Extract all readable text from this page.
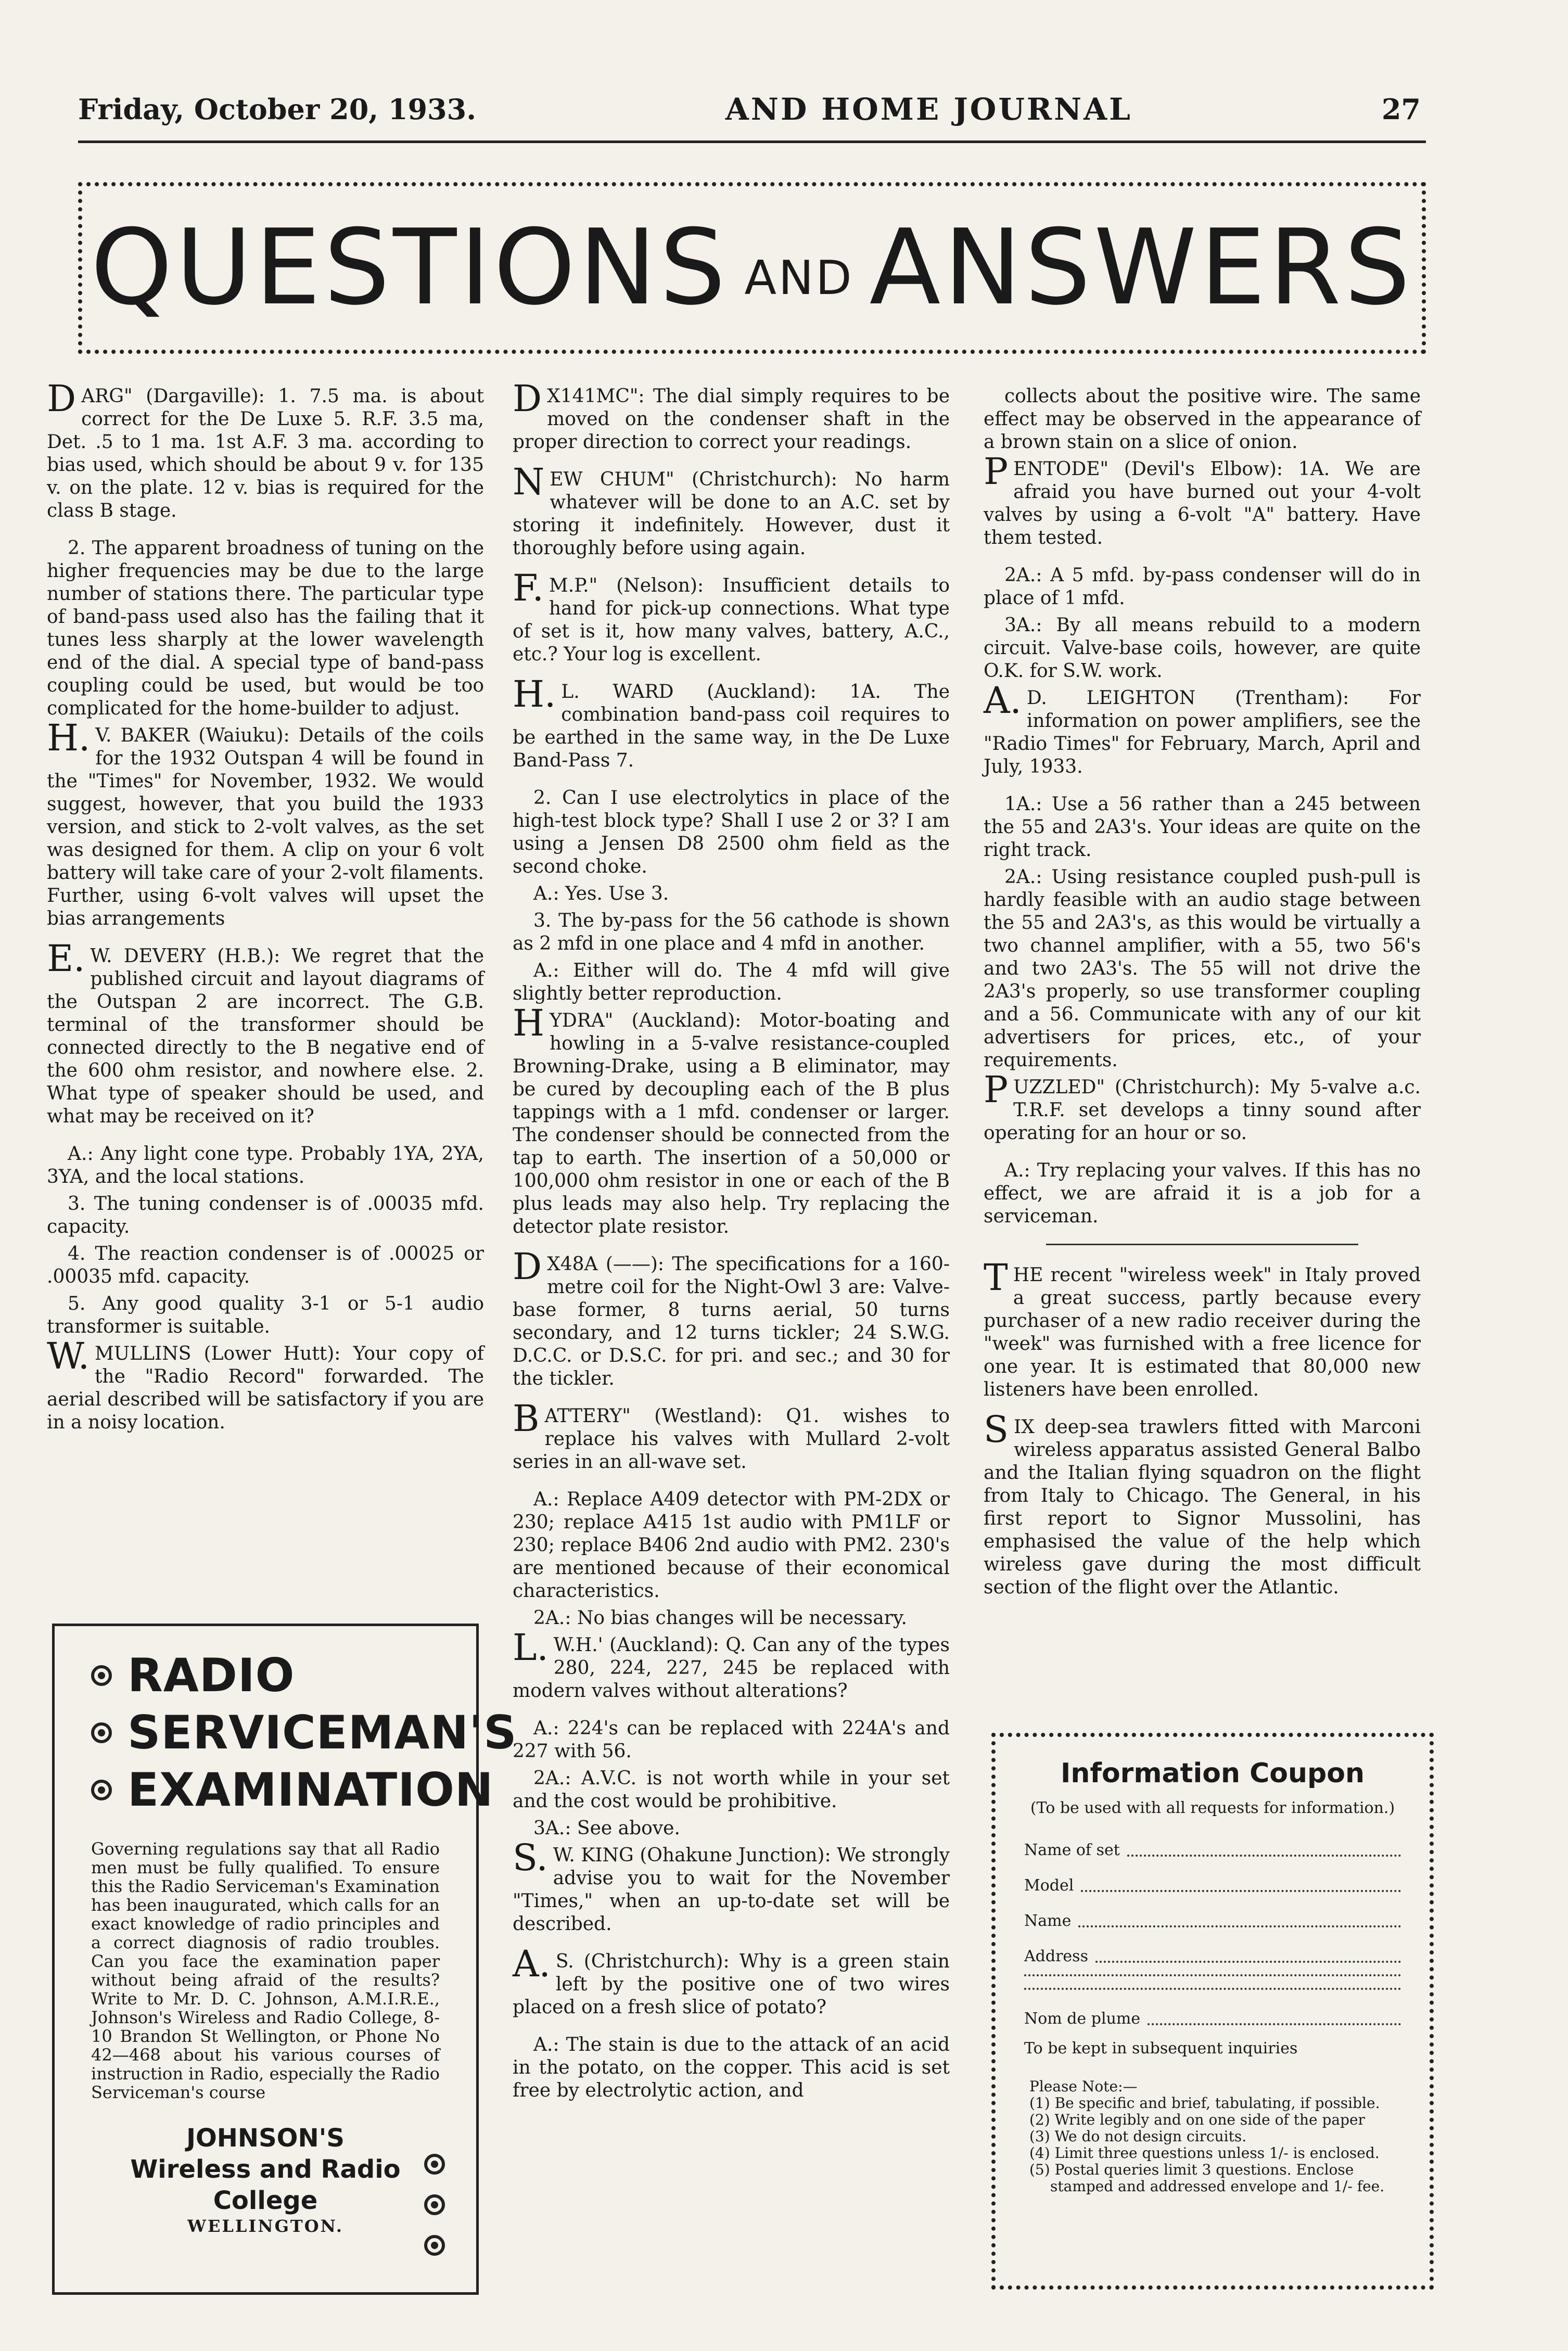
Friday, October 20, 1933.	AND HOME JOURNAL	27
QUESTIONS AND ANSWERS

DARG" (Dargaville): 1. 7.5 ma. is about correct for the De Luxe 5. R.F. 3.5 ma, Det. .5 to 1 ma. 1st A.F. 3 ma. according to bias used, which should be about 9 v. for 135 v. on the plate. 12 v. bias is required for the class B stage.

2. The apparent broadness of tuning on the higher frequencies may be due to the large number of stations there. The particular type of band-pass used also has the failing that it tunes less sharply at the lower wavelength end of the dial. A special type of band-pass coupling could be used, but would be too complicated for the home-builder to adjust.

H. V. BAKER (Waiuku): Details of the coils for the 1932 Outspan 4 will be found in the "Times" for November, 1932. We would suggest, however, that you build the 1933 version, and stick to 2-volt valves, as the set was designed for them. A clip on your 6 volt battery will take care of your 2-volt filaments. Further, using 6-volt valves will upset the bias arrangements

E. W. DEVERY (H.B.): We regret that the published circuit and layout diagrams of the Outspan 2 are incorrect. The G.B. terminal of the transformer should be connected directly to the B negative end of the 600 ohm resistor, and nowhere else. 2. What type of speaker should be used, and what may be received on it?

A.: Any light cone type. Probably 1YA, 2YA, 3YA, and the local stations.

3. The tuning condenser is of .00035 mfd. capacity.

4. The reaction condenser is of .00025 or .00035 mfd. capacity.

5. Any good quality 3-1 or 5-1 audio transformer is suitable.

W. MULLINS (Lower Hutt): Your copy of the "Radio Record" forwarded. The aerial described will be satisfactory if you are in a noisy location.

D X141MC": The dial simply requires to be moved on the condenser shaft in the proper direction to correct your readings.

NEW CHUM" (Christchurch): No harm whatever will be done to an A.C. set by storing it indefinitely. However, dust it thoroughly before using again.

F. M.P." (Nelson): Insufficient details to hand for pick-up connections. What type of set is it, how many valves, battery, A.C., etc.? Your log is excellent.

H. L. WARD (Auckland): 1A. The combination band-pass coil requires to be earthed in the same way, in the De Luxe Band-Pass 7.

2. Can I use electrolytics in place of the high-test block type? Shall I use 2 or 3? I am using a Jensen D8 2500 ohm field as the second choke.

A.: Yes. Use 3.

3. The by-pass for the 56 cathode is shown as 2 mfd in one place and 4 mfd in another.

A.: Either will do. The 4 mfd will give slightly better reproduction.

HYDRA" (Auckland): Motor-boating and howling in a 5-valve resistance-coupled Browning-Drake, using a B eliminator, may be cured by decoupling each of the B plus tappings with a 1 mfd. condenser or larger. The condenser should be connected from the tap to earth. The insertion of a 50,000 or 100,000 ohm resistor in one or each of the B plus leads may also help. Try replacing the detector plate resistor.

D X48A (——): The specifications for a 160-metre coil for the Night-Owl 3 are: Valve-base former, 8 turns aerial, 50 turns secondary, and 12 turns tickler; 24 S.W.G. D.C.C. or D.S.C. for pri. and sec.; and 30 for the tickler.

BATTERY" (Westland): Q1. wishes to replace his valves with Mullard 2-volt series in an all-wave set.

A.: Replace A409 detector with PM-2DX or 230; replace A415 1st audio with PM1LF or 230; replace B406 2nd audio with PM2. 230's are mentioned because of their economical characteristics.

2A.: No bias changes will be necessary.

L. W.H.' (Auckland): Q. Can any of the types 280, 224, 227, 245 be replaced with modern valves without alterations?

A.: 224's can be replaced with 224A's and 227 with 56.

2A.: A.V.C. is not worth while in your set and the cost would be prohibitive.

3A.: See above.

S. W. KING (Ohakune Junction): We strongly advise you to wait for the November "Times," when an up-to-date set will be described.

A. S. (Christchurch): Why is a green stain left by the positive one of two wires placed on a fresh slice of potato?

A.: The stain is due to the attack of an acid in the potato, on the copper. This acid is set free by electrolytic action, and

collects about the positive wire. The same effect may be observed in the appearance of a brown stain on a slice of onion.

PENTODE" (Devil's Elbow): 1A. We are afraid you have burned out your 4-volt valves by using a 6-volt "A" battery. Have them tested.

2A.: A 5 mfd. by-pass condenser will do in place of 1 mfd.

3A.: By all means rebuild to a modern circuit. Valve-base coils, however, are quite O.K. for S.W. work.

A. D. LEIGHTON (Trentham): For information on power amplifiers, see the "Radio Times" for February, March, April and July, 1933.

1A.: Use a 56 rather than a 245 between the 55 and 2A3's. Your ideas are quite on the right track.

2A.: Using resistance coupled push-pull is hardly feasible with an audio stage between the 55 and 2A3's, as this would be virtually a two channel amplifier, with a 55, two 56's and two 2A3's. The 55 will not drive the 2A3's properly, so use transformer coupling and a 56. Communicate with any of our kit advertisers for prices, etc., of your requirements.

PUZZLED" (Christchurch): My 5-valve a.c. T.R.F. set develops a tinny sound after operating for an hour or so.

A.: Try replacing your valves. If this has no effect, we are afraid it is a job for a serviceman.

THE recent "wireless week" in Italy proved a great success, partly because every purchaser of a new radio receiver during the "week" was furnished with a free licence for one year. It is estimated that 80,000 new listeners have been enrolled.

SIX deep-sea trawlers fitted with Marconi wireless apparatus assisted General Balbo and the Italian flying squadron on the flight from Italy to Chicago. The General, in his first report to Signor Mussolini, has emphasised the value of the help which wireless gave during the most difficult section of the flight over the Atlantic.

RADIO
SERVICEMAN'S
EXAMINATION
Governing regulations say that all Radio men must be fully qualified. To ensure this the Radio Serviceman's Examination has been inaugurated, which calls for an exact knowledge of radio principles and a correct diagnosis of radio troubles. Can you face the examination paper without being afraid of the results? Write to Mr. D. C. Johnson, A.M.I.R.E., Johnson's Wireless and Radio College, 8-10 Brandon St Wellington, or Phone No 42—468 about his various courses of instruction in Radio, especially the Radio Serviceman's course
JOHNSON'S
Wireless and Radio
College
WELLINGTON.
Information Coupon
(To be used with all requests for information.)
Name of set
Model
Name
Address
Nom de plume
To be kept in subsequent inquiries
Please Note:—
(1) Be specific and brief, tabulating, if possible.
(2) Write legibly and on one side of the paper
(3) We do not design circuits.
(4) Limit three questions unless 1/- is enclosed.
(5) Postal queries limit 3 questions. Enclose stamped and addressed envelope and 1/- fee.
